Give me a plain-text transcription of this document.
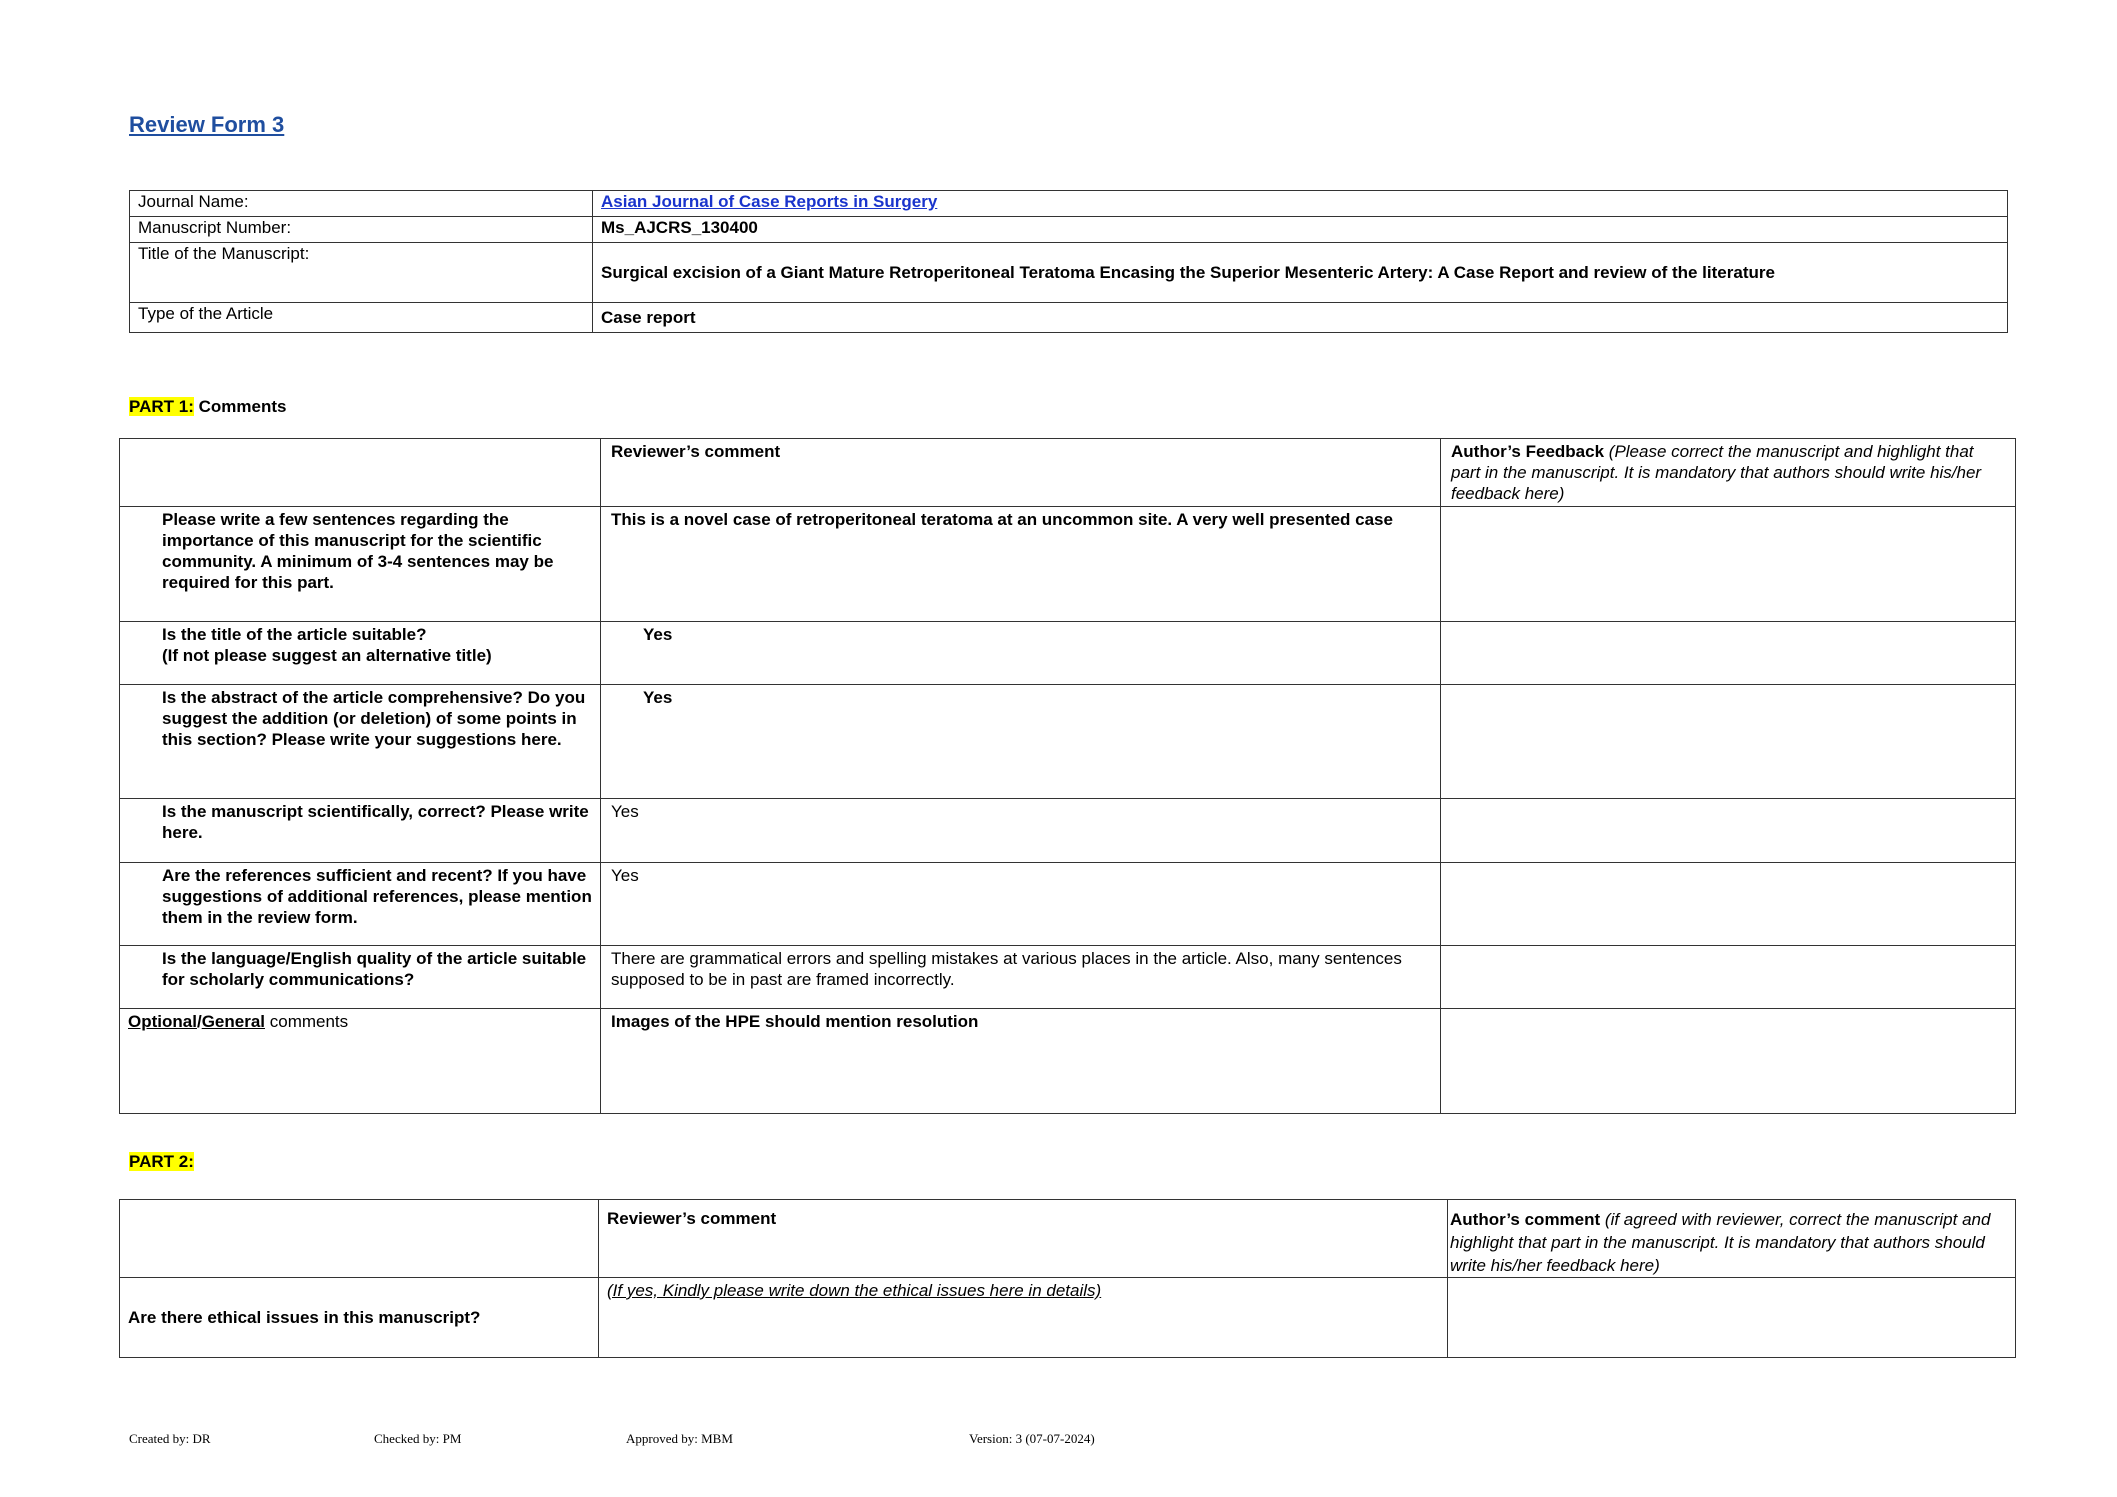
Review Form 3
Journal Name:	Asian Journal of Case Reports in Surgery
Manuscript Number:	Ms_AJCRS_130400
Title of the Manuscript:	Surgical excision of a Giant Mature Retroperitoneal Teratoma Encasing the Superior Mesenteric Artery: A Case Report and review of the literature
Type of the Article	Case report
PART 1: Comments
	Reviewer’s comment	Author’s Feedback (Please correct the manuscript and highlight that part in the manuscript. It is mandatory that authors should write his/her feedback here)
Please write a few sentences regarding the importance of this manuscript for the scientific community. A minimum of 3-4 sentences may be required for this part.	This is a novel case of retroperitoneal teratoma at an uncommon site. A very well presented case	
Is the title of the article suitable?
(If not please suggest an alternative title)	Yes	
Is the abstract of the article comprehensive? Do you suggest the addition (or deletion) of some points in this section? Please write your suggestions here.	Yes	
Is the manuscript scientifically, correct? Please write here.	Yes	
Are the references sufficient and recent? If you have suggestions of additional references, please mention them in the review form.	Yes	
Is the language/English quality of the article suitable for scholarly communications?	There are grammatical errors and spelling mistakes at various places in the article. Also, many sentences supposed to be in past are framed incorrectly.	
Optional/General comments	Images of the HPE should mention resolution	
PART 2:
	Reviewer’s comment	Author’s comment (if agreed with reviewer, correct the manuscript and highlight that part in the manuscript. It is mandatory that authors should write his/her feedback here)
Are there ethical issues in this manuscript?	(If yes, Kindly please write down the ethical issues here in details)	
Created by: DR	Checked by: PM	Approved by: MBM	Version: 3 (07-07-2024)
